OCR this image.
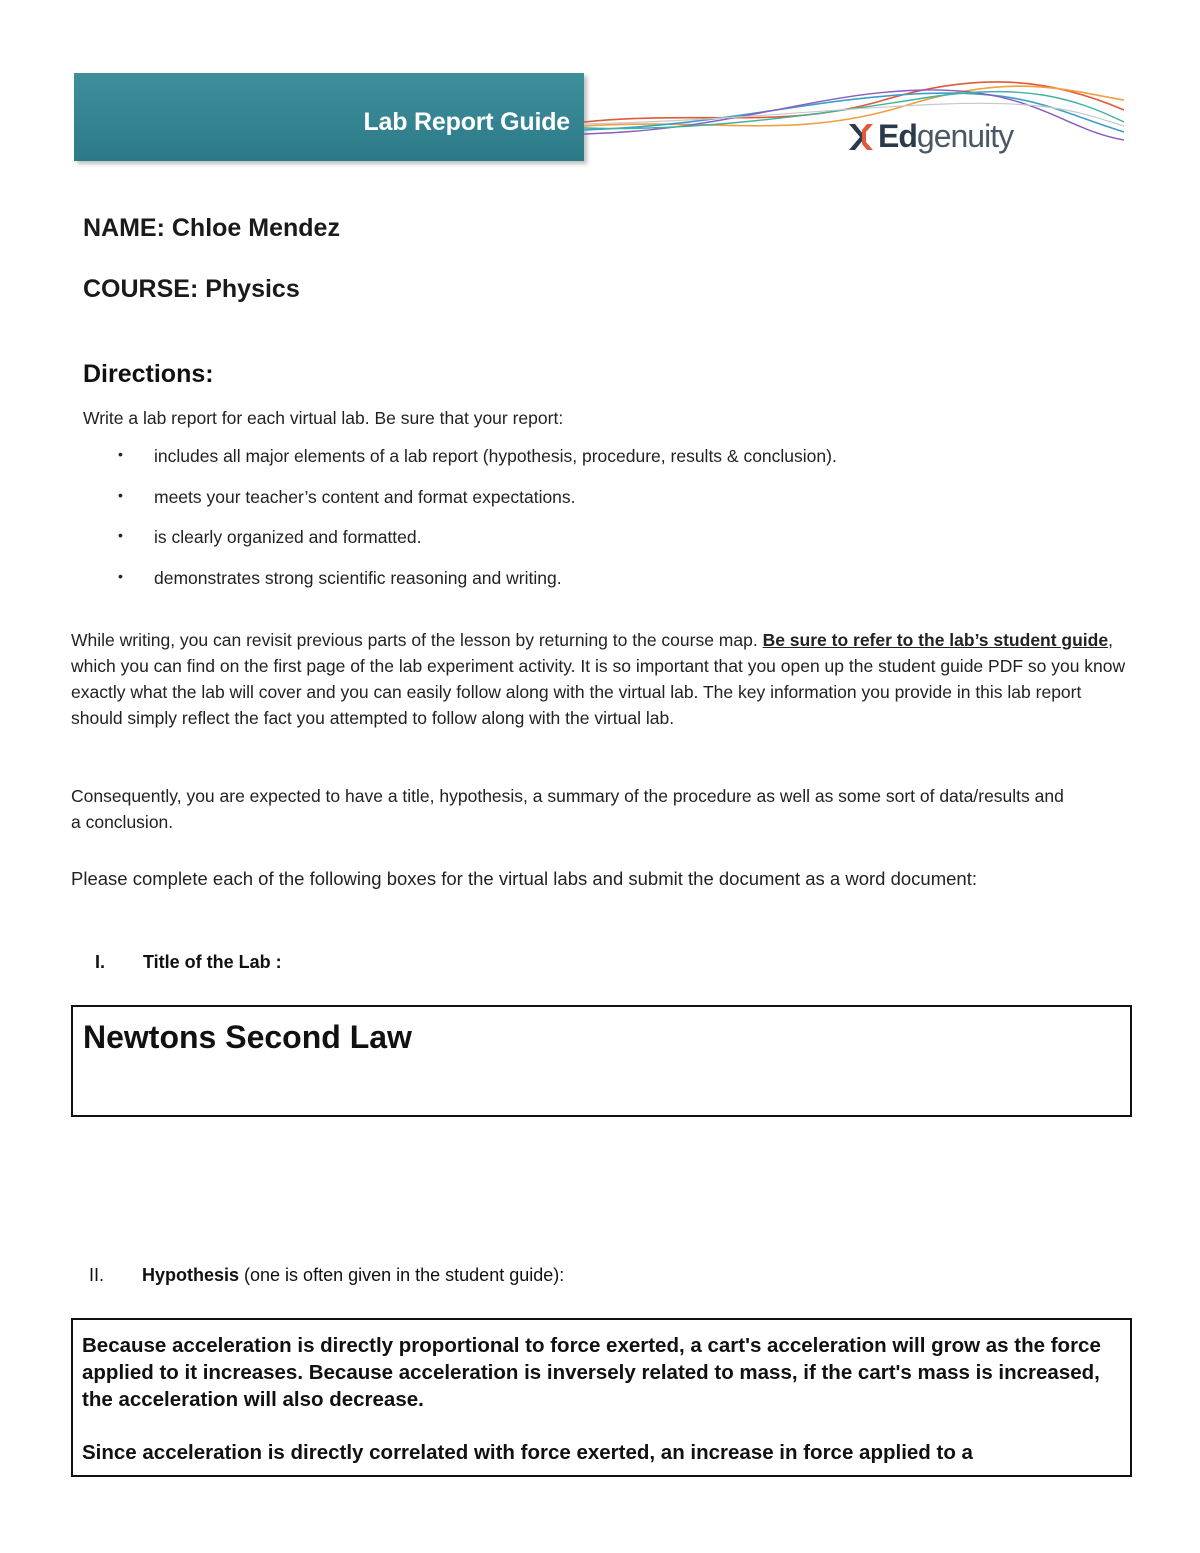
Lab Report Guide	Edgenuity
NAME: Chloe Mendez
COURSE: Physics
Directions:
Write a lab report for each virtual lab. Be sure that your report:
• includes all major elements of a lab report (hypothesis, procedure, results & conclusion).
• meets your teacher’s content and format expectations.
• is clearly organized and formatted.
• demonstrates strong scientific reasoning and writing.
While writing, you can revisit previous parts of the lesson by returning to the course map. Be sure to refer to the lab’s student guide, which you can find on the first page of the lab experiment activity. It is so important that you open up the student guide PDF so you know exactly what the lab will cover and you can easily follow along with the virtual lab. The key information you provide in this lab report should simply reflect the fact you attempted to follow along with the virtual lab.
Consequently, you are expected to have a title, hypothesis, a summary of the procedure as well as some sort of data/results and a conclusion.
Please complete each of the following boxes for the virtual labs and submit the document as a word document:
I. Title of the Lab :
Newtons Second Law
II. Hypothesis (one is often given in the student guide):

Because acceleration is directly proportional to force exerted, a cart's acceleration will grow as the force applied to it increases. Because acceleration is inversely related to mass, if the cart's mass is increased, the acceleration will also decrease.

Since acceleration is directly correlated with force exerted, an increase in force applied to a
